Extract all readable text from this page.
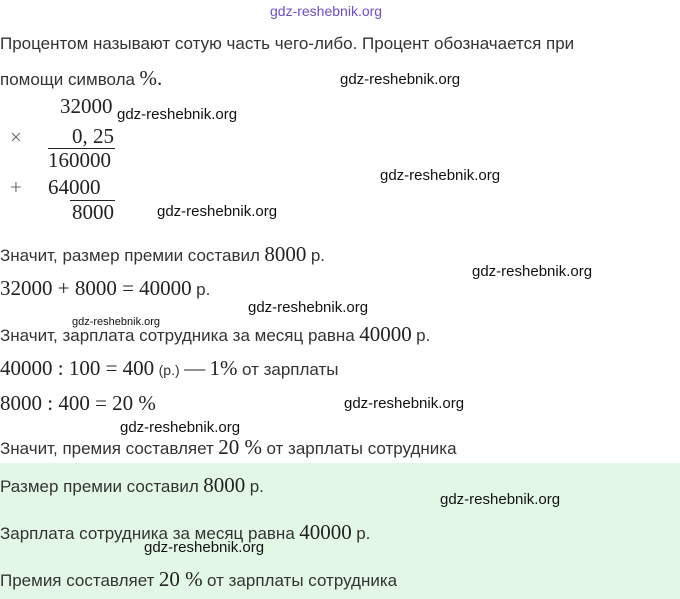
gdz-reshebnik.org
Процентом называют сотую часть чего-либо. Процент обозначается при
помощи символа %.
32000
× 0, 25
160000
+ 64000
8000
Значит, размер премии составил 8000 р.
32000 + 8000 = 40000 р.
Значит, зарплата сотрудника за месяц равна 40000 р.
40000 : 100 = 400 (р.) — 1% от зарплаты
8000 : 400 = 20 %
Значит, премия составляет 20 % от зарплаты сотрудника
Размер премии составил 8000 р.
Зарплата сотрудника за месяц равна 40000 р.
Премия составляет 20 % от зарплаты сотрудника
gdz-reshebnik.org
gdz-reshebnik.org
gdz-reshebnik.org
gdz-reshebnik.org
gdz-reshebnik.org
gdz-reshebnik.org
gdz-reshebnik.org
gdz-reshebnik.org
gdz-reshebnik.org
gdz-reshebnik.org
gdz-reshebnik.org
